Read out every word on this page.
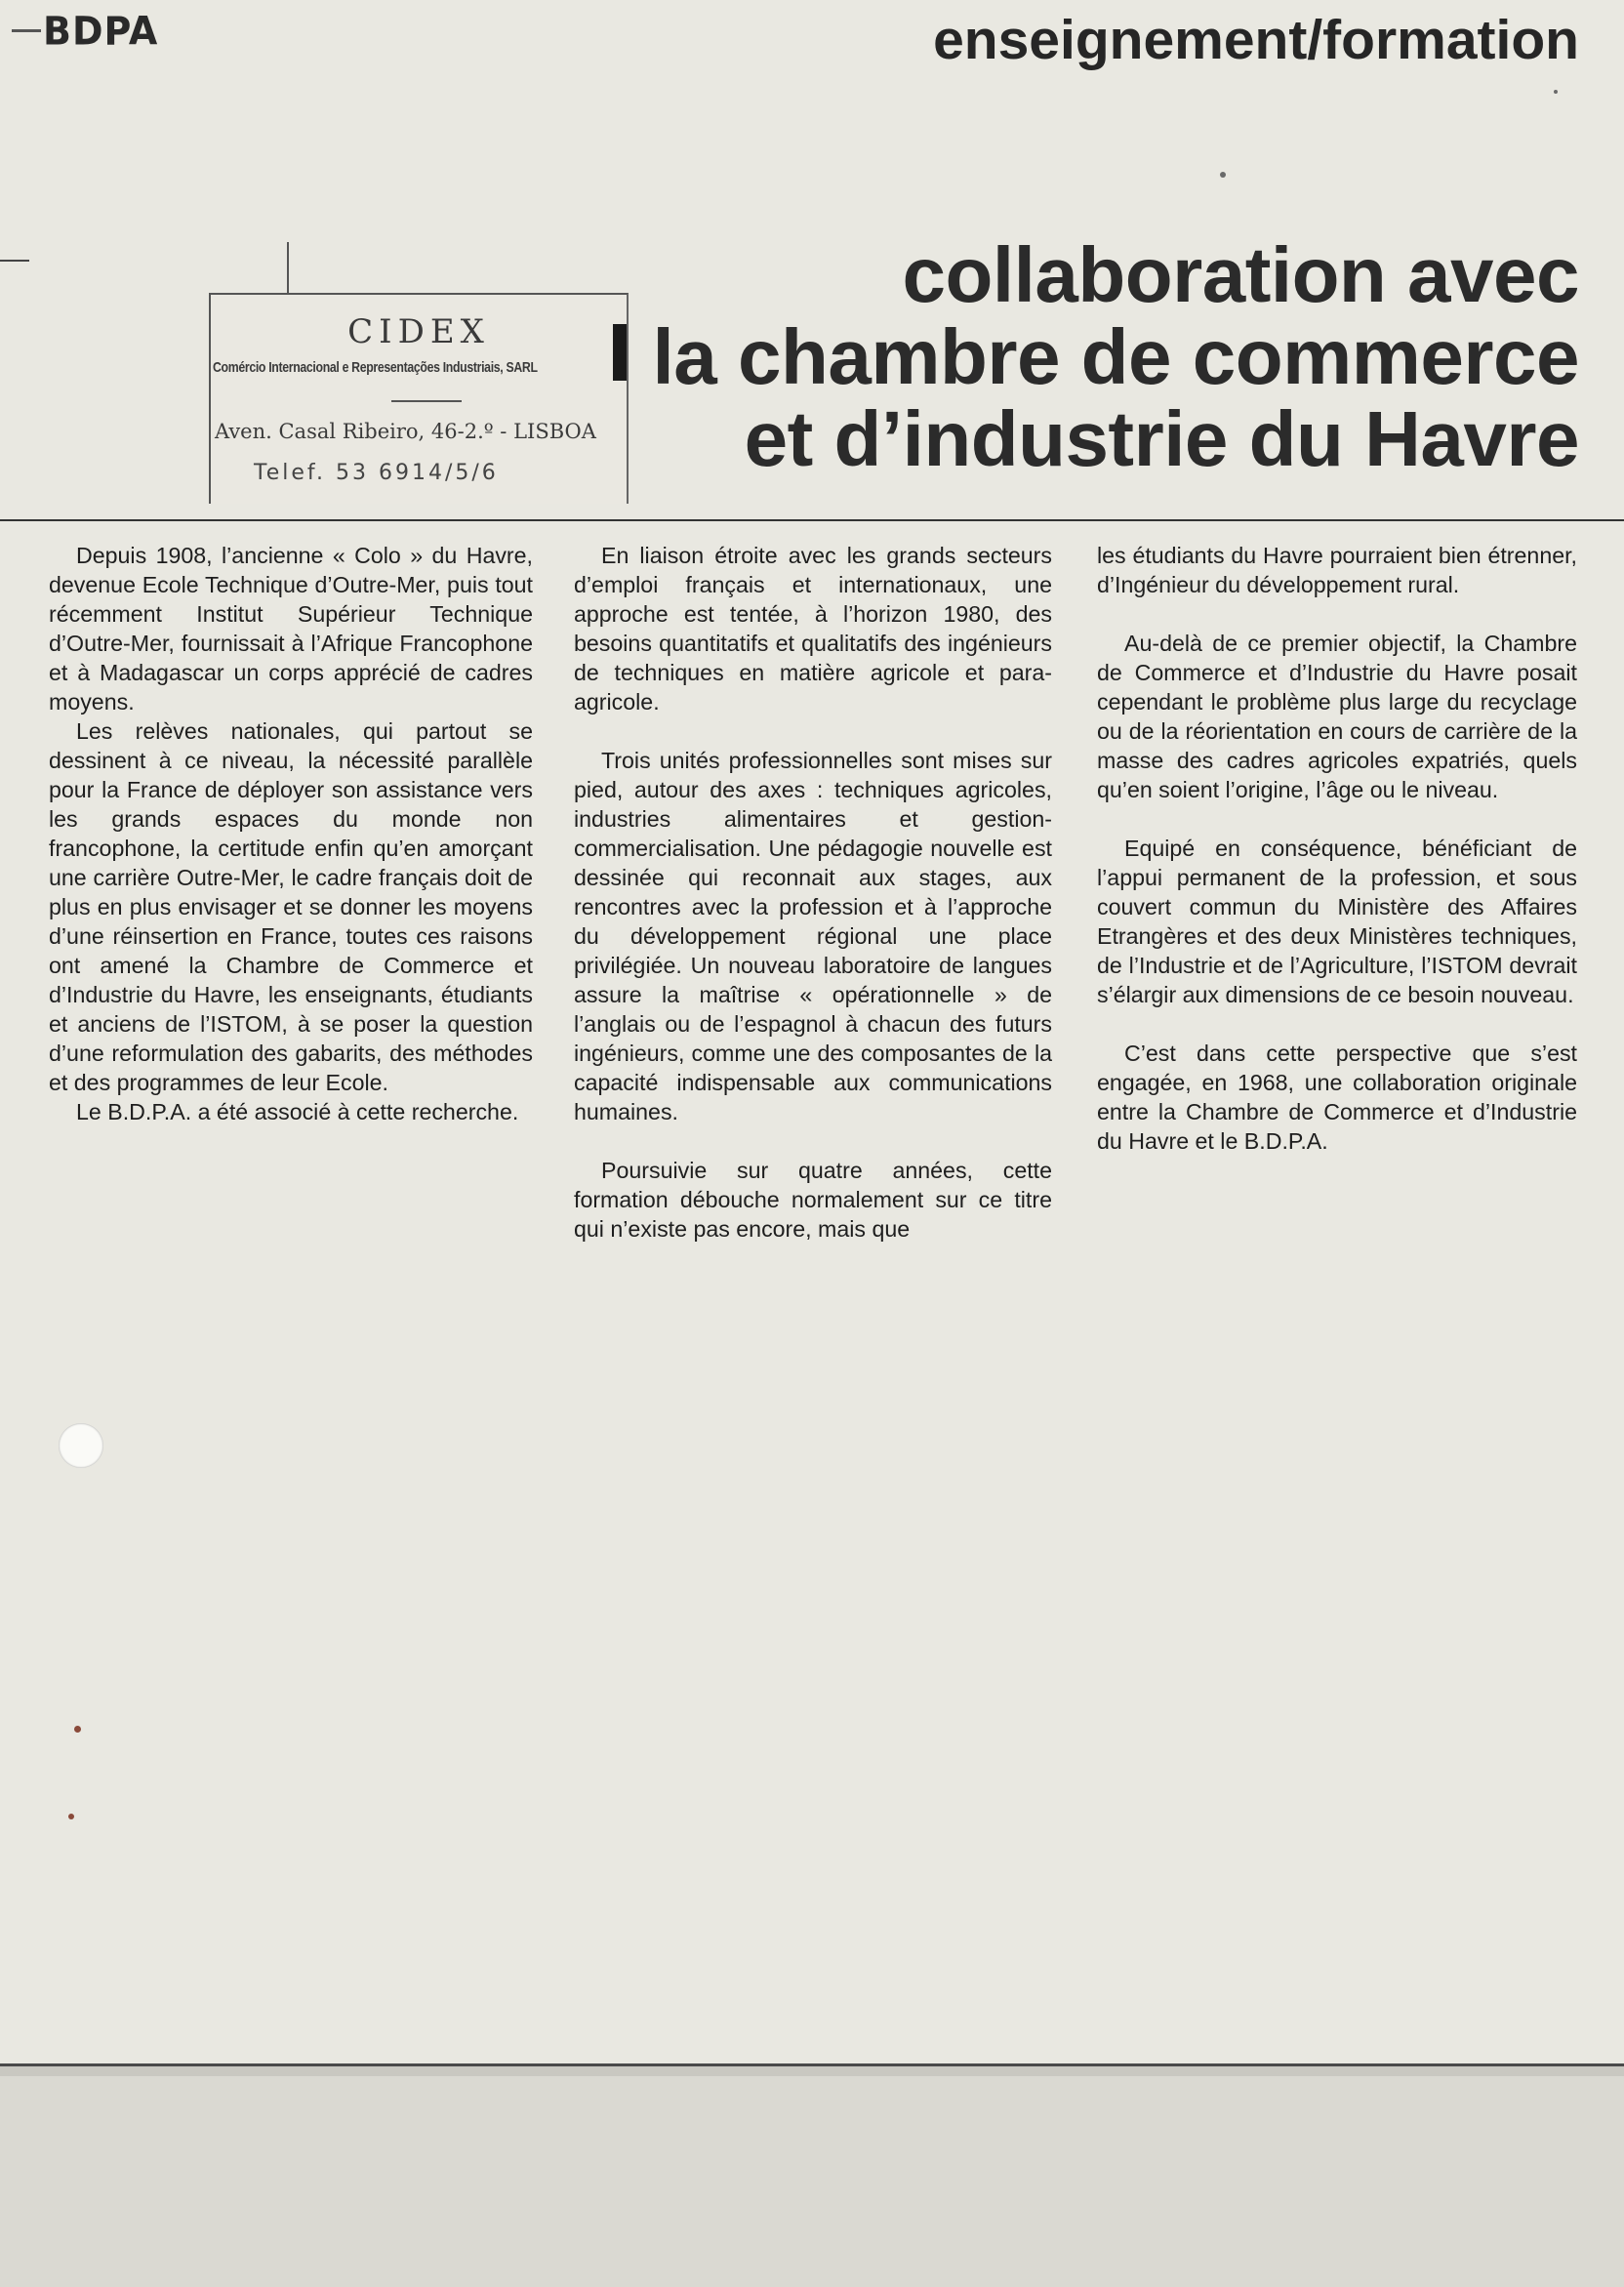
BDPA	enseignement/formation
collaboration avec
la chambre de commerce
et d’industrie du Havre
CIDEX
Comércio Internacional e Representações Industriais, SARL
Aven. Casal Ribeiro, 46-2.º - LISBOA
Telef. 53 6914/5/6

Depuis 1908, l’ancienne « Colo » du Havre, devenue Ecole Technique d’Outre-Mer, puis tout récemment Institut Supérieur Technique d’Outre-Mer, fournissait à l’Afrique Francophone et à Madagascar un corps apprécié de cadres moyens.

Les relèves nationales, qui partout se dessinent à ce niveau, la nécessité parallèle pour la France de déployer son assistance vers les grands espaces du monde non francophone, la certitude enfin qu’en amorçant une carrière Outre-Mer, le cadre français doit de plus en plus envisager et se donner les moyens d’une réinsertion en France, toutes ces raisons ont amené la Chambre de Commerce et d’Industrie du Havre, les enseignants, étudiants et anciens de l’ISTOM, à se poser la question d’une reformulation des gabarits, des méthodes et des programmes de leur Ecole.

Le B.D.P.A. a été associé à cette recherche.

En liaison étroite avec les grands secteurs d’emploi français et internationaux, une approche est tentée, à l’horizon 1980, des besoins quantitatifs et qualitatifs des ingénieurs de techniques en matière agricole et para-agricole.

Trois unités professionnelles sont mises sur pied, autour des axes : techniques agricoles, industries alimentaires et gestion-commercialisation. Une pédagogie nouvelle est dessinée qui reconnait aux stages, aux rencontres avec la profession et à l’approche du développement régional une place privilégiée. Un nouveau laboratoire de langues assure la maîtrise « opérationnelle » de l’anglais ou de l’espagnol à chacun des futurs ingénieurs, comme une des composantes de la capacité indispensable aux communications humaines.

Poursuivie sur quatre années, cette formation débouche normalement sur ce titre qui n’existe pas encore, mais que

les étudiants du Havre pourraient bien étrenner, d’Ingénieur du développement rural.

Au-delà de ce premier objectif, la Chambre de Commerce et d’Industrie du Havre posait cependant le problème plus large du recyclage ou de la réorientation en cours de carrière de la masse des cadres agricoles expatriés, quels qu’en soient l’origine, l’âge ou le niveau.

Equipé en conséquence, bénéficiant de l’appui permanent de la profession, et sous couvert commun du Ministère des Affaires Etrangères et des deux Ministères techniques, de l’Industrie et de l’Agriculture, l’ISTOM devrait s’élargir aux dimensions de ce besoin nouveau.

C’est dans cette perspective que s’est engagée, en 1968, une collaboration originale entre la Chambre de Commerce et d’Industrie du Havre et le B.D.P.A.
